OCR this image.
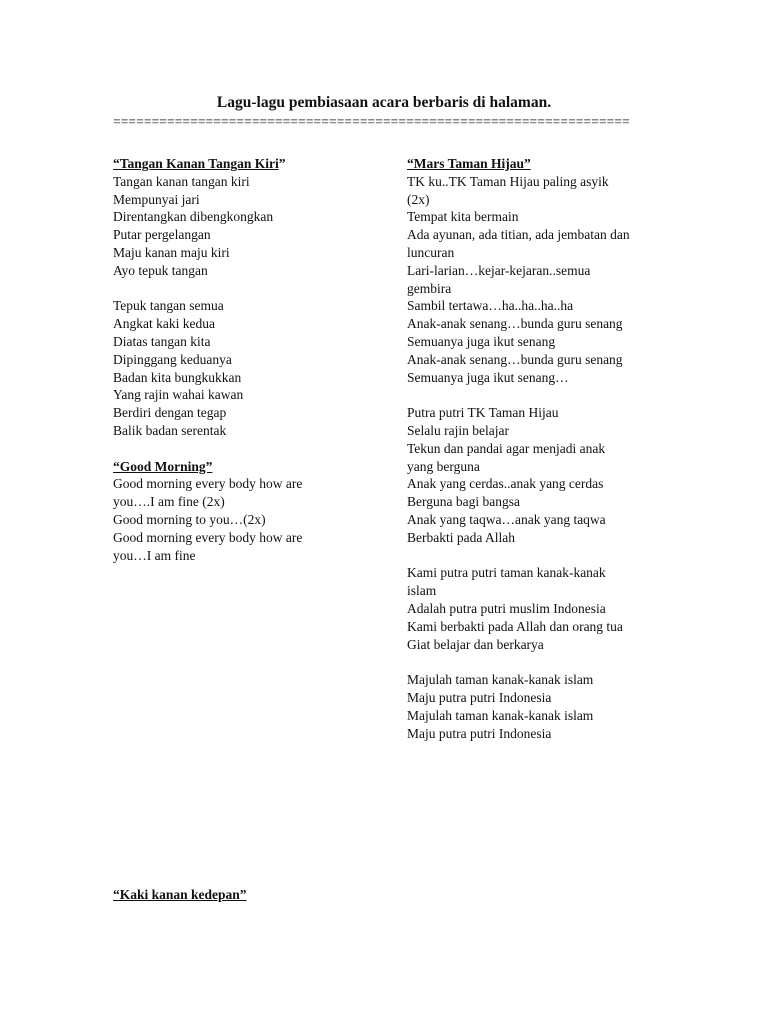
Lagu-lagu pembiasaan acara berbaris di halaman.
===================================================================
“Tangan Kanan Tangan Kiri”
Tangan kanan tangan kiri
Mempunyai jari
Direntangkan dibengkongkan
Putar pergelangan
Maju kanan maju kiri
Ayo tepuk tangan
Tepuk tangan semua
Angkat kaki kedua
Diatas tangan kita
Dipinggang keduanya
Badan kita bungkukkan
Yang rajin wahai kawan
Berdiri dengan tegap
Balik badan serentak
“Good Morning”
Good morning every body how are
you….I am fine (2x)
Good morning to you…(2x)
Good morning every body how are
you…I am fine
“Mars Taman Hijau”
TK ku..TK Taman Hijau paling asyik
(2x)
Tempat kita bermain
Ada ayunan, ada titian, ada jembatan dan
luncuran
Lari-larian…kejar-kejaran..semua
gembira
Sambil tertawa…ha..ha..ha..ha
Anak-anak senang…bunda guru senang
Semuanya juga ikut senang
Anak-anak senang…bunda guru senang
Semuanya juga ikut senang…
Putra putri TK Taman Hijau
Selalu rajin belajar
Tekun dan pandai agar menjadi anak
yang berguna
Anak yang cerdas..anak yang cerdas
Berguna bagi bangsa
Anak yang taqwa…anak yang taqwa
Berbakti pada Allah
Kami putra putri taman kanak-kanak
islam
Adalah putra putri muslim Indonesia
Kami berbakti pada Allah dan orang tua
Giat belajar dan berkarya
Majulah taman kanak-kanak islam
Maju putra putri Indonesia
Majulah taman kanak-kanak islam
Maju putra putri Indonesia
“Kaki kanan kedepan”
